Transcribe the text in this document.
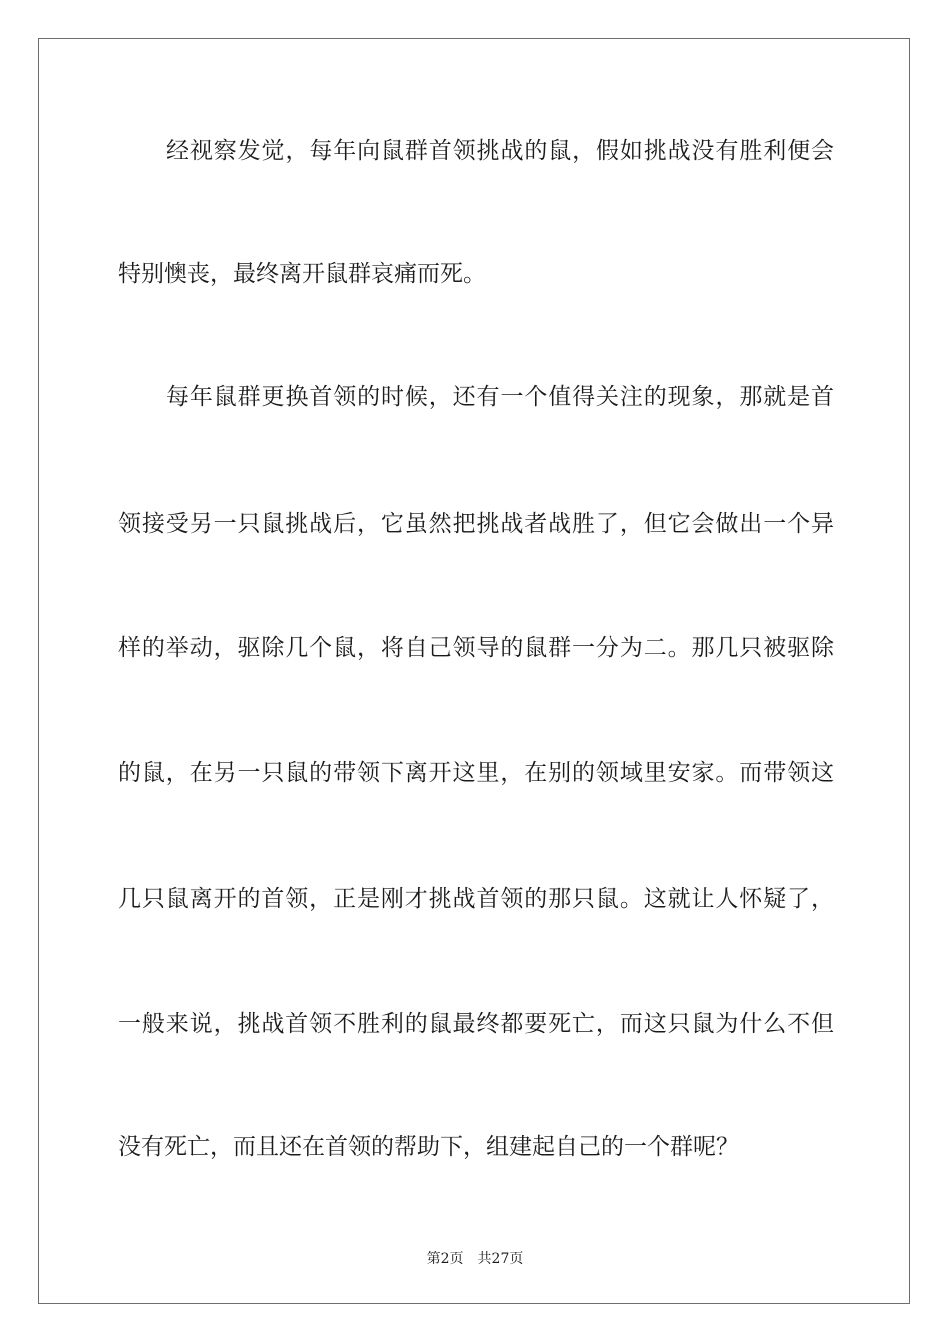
经视察发觉，每年向鼠群首领挑战的鼠，假如挑战没有胜利便会

特别懊丧，最终离开鼠群哀痛而死。

每年鼠群更换首领的时候，还有一个值得关注的现象，那就是首

领接受另一只鼠挑战后，它虽然把挑战者战胜了，但它会做出一个异

样的举动，驱除几个鼠，将自己领导的鼠群一分为二。那几只被驱除

的鼠，在另一只鼠的带领下离开这里，在别的领域里安家。而带领这

几只鼠离开的首领，正是刚才挑战首领的那只鼠。这就让人怀疑了，

一般来说，挑战首领不胜利的鼠最终都要死亡，而这只鼠为什么不但

没有死亡，而且还在首领的帮助下，组建起自己的一个群呢？

第2页 共27页
